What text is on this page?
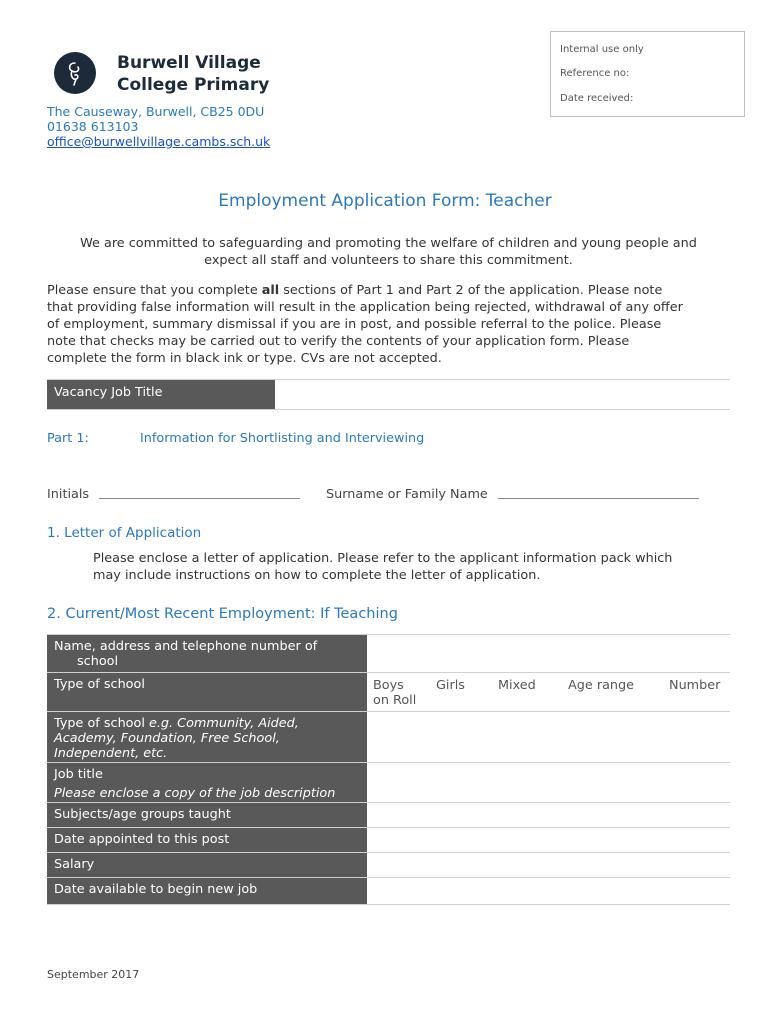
Burwell Village
College Primary
The Causeway, Burwell, CB25 0DU
01638 613103
office@burwellvillage.cambs.sch.uk
Internal use only
Reference no:
Date received:
Employment Application Form: Teacher
We are committed to safeguarding and promoting the welfare of children and young people and
expect all staff and volunteers to share this commitment.
Please ensure that you complete all sections of Part 1 and Part 2 of the application. Please note
that providing false information will result in the application being rejected, withdrawal of any offer
of employment, summary dismissal if you are in post, and possible referral to the police. Please
note that checks may be carried out to verify the contents of your application form. Please
complete the form in black ink or type. CVs are not accepted.
Vacancy Job Title
Part 1:	Information for Shortlisting and Interviewing
Initials	Surname or Family Name
1. Letter of Application
Please enclose a letter of application. Please refer to the applicant information pack which
may include instructions on how to complete the letter of application.
2. Current/Most Recent Employment: If Teaching
Name, address and telephone number of
school
Type of school	Boys	Girls	Mixed	Age range	Number
on Roll
Type of school e.g. Community, Aided,
Academy, Foundation, Free School,
Independent, etc.
Job title
Please enclose a copy of the job description
Subjects/age groups taught
Date appointed to this post
Salary
Date available to begin new job
September 2017
